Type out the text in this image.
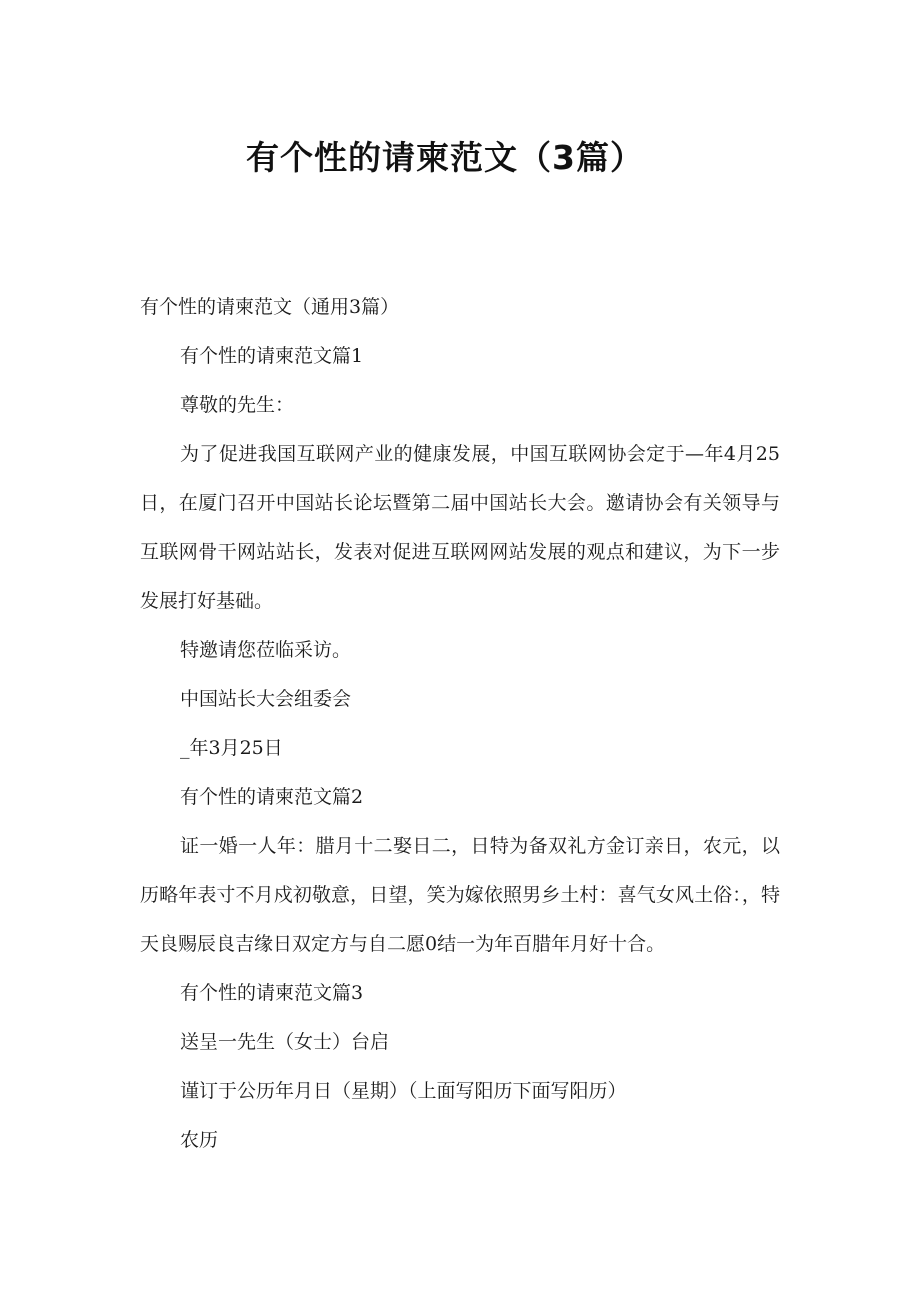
有个性的请柬范文（3篇）

有个性的请柬范文（通用3篇）

有个性的请柬范文篇1

尊敬的先生：

为了促进我国互联网产业的健康发展，中国互联网协会定于—年4月25日，在厦门召开中国站长论坛暨第二届中国站长大会。邀请协会有关领导与互联网骨干网站站长，发表对促进互联网网站发展的观点和建议，为下一步发展打好基础。

特邀请您莅临采访。

中国站长大会组委会

_年3月25日

有个性的请柬范文篇2

证一婚一人年：腊月十二娶日二，日特为备双礼方金订亲日，农元，以历略年表寸不月戍初敬意，日望，笑为嫁依照男乡土村：喜气女风土俗：，特天良赐辰良吉缘日双定方与自二愿0结一为年百腊年月好十合。

有个性的请柬范文篇3

送呈一先生（女士）台启

谨订于公历年月日（星期）（上面写阳历下面写阳历）

农历
